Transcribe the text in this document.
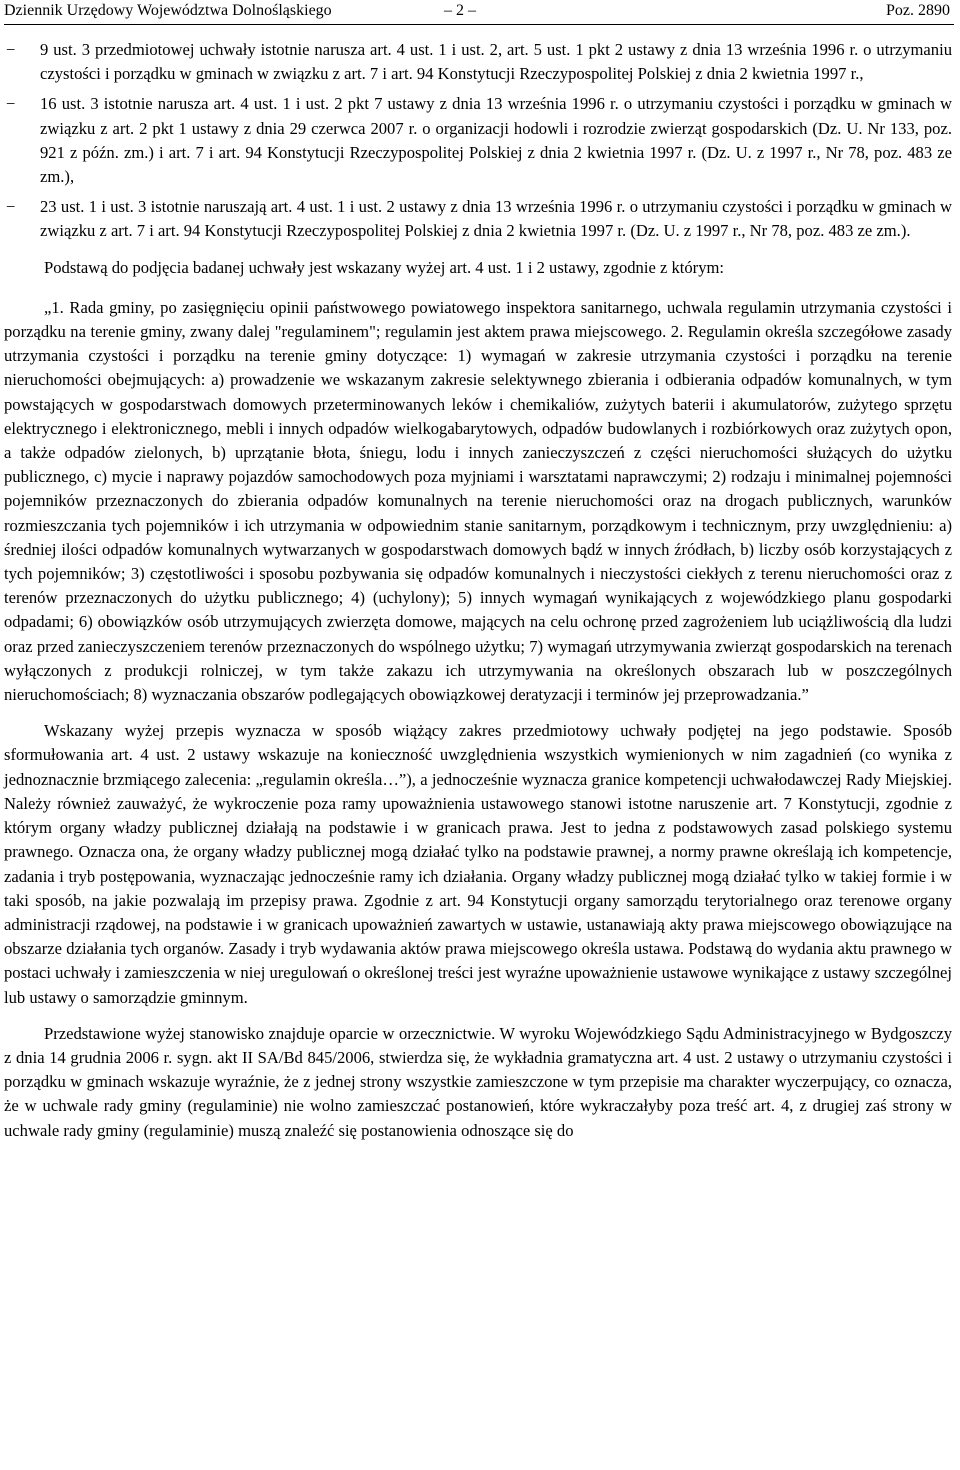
Dziennik Urzędowy Województwa Dolnośląskiego	– 2 –	Poz. 2890

− 9 ust. 3 przedmiotowej uchwały istotnie narusza art. 4 ust. 1 i ust. 2, art. 5 ust. 1 pkt 2 ustawy z dnia 13 września 1996 r. o utrzymaniu czystości i porządku w gminach w związku z art. 7 i art. 94 Konstytucji Rzeczypospolitej Polskiej z dnia 2 kwietnia 1997 r.,

− 16 ust. 3 istotnie narusza art. 4 ust. 1 i ust. 2 pkt 7 ustawy z dnia 13 września 1996 r. o utrzymaniu czystości i porządku w gminach w związku z art. 2 pkt 1 ustawy z dnia 29 czerwca 2007 r. o organizacji hodowli i rozrodzie zwierząt gospodarskich (Dz. U. Nr 133, poz. 921 z późn. zm.) i art. 7 i art. 94 Konstytucji Rzeczypospolitej Polskiej z dnia 2 kwietnia 1997 r. (Dz. U. z 1997 r., Nr 78, poz. 483 ze zm.),

− 23 ust. 1 i ust. 3 istotnie naruszają art. 4 ust. 1 i ust. 2 ustawy z dnia 13 września 1996 r. o utrzymaniu czystości i porządku w gminach w związku z art. 7 i art. 94 Konstytucji Rzeczypospolitej Polskiej z dnia 2 kwietnia 1997 r. (Dz. U. z 1997 r., Nr 78, poz. 483 ze zm.).

Podstawą do podjęcia badanej uchwały jest wskazany wyżej art. 4 ust. 1 i 2 ustawy, zgodnie z którym:

„1. Rada gminy, po zasięgnięciu opinii państwowego powiatowego inspektora sanitarnego, uchwala regulamin utrzymania czystości i porządku na terenie gminy, zwany dalej "regulaminem"; regulamin jest aktem prawa miejscowego. 2. Regulamin określa szczegółowe zasady utrzymania czystości i porządku na terenie gminy dotyczące: 1) wymagań w zakresie utrzymania czystości i porządku na terenie nieruchomości obejmujących: a) prowadzenie we wskazanym zakresie selektywnego zbierania i odbierania odpadów komunalnych, w tym powstających w gospodarstwach domowych przeterminowanych leków i chemikaliów, zużytych baterii i akumulatorów, zużytego sprzętu elektrycznego i elektronicznego, mebli i innych odpadów wielkogabarytowych, odpadów budowlanych i rozbiórkowych oraz zużytych opon, a także odpadów zielonych, b) uprzątanie błota, śniegu, lodu i innych zanieczyszczeń z części nieruchomości służących do użytku publicznego, c) mycie i naprawy pojazdów samochodowych poza myjniami i warsztatami naprawczymi; 2) rodzaju i minimalnej pojemności pojemników przeznaczonych do zbierania odpadów komunalnych na terenie nieruchomości oraz na drogach publicznych, warunków rozmieszczania tych pojemników i ich utrzymania w odpowiednim stanie sanitarnym, porządkowym i technicznym, przy uwzględnieniu: a) średniej ilości odpadów komunalnych wytwarzanych w gospodarstwach domowych bądź w innych źródłach, b) liczby osób korzystających z tych pojemników; 3) częstotliwości i sposobu pozbywania się odpadów komunalnych i nieczystości ciekłych z terenu nieruchomości oraz z terenów przeznaczonych do użytku publicznego; 4) (uchylony); 5) innych wymagań wynikających z wojewódzkiego planu gospodarki odpadami; 6) obowiązków osób utrzymujących zwierzęta domowe, mających na celu ochronę przed zagrożeniem lub uciążliwością dla ludzi oraz przed zanieczyszczeniem terenów przeznaczonych do wspólnego użytku; 7) wymagań utrzymywania zwierząt gospodarskich na terenach wyłączonych z produkcji rolniczej, w tym także zakazu ich utrzymywania na określonych obszarach lub w poszczególnych nieruchomościach; 8) wyznaczania obszarów podlegających obowiązkowej deratyzacji i terminów jej przeprowadzania.”

Wskazany wyżej przepis wyznacza w sposób wiążący zakres przedmiotowy uchwały podjętej na jego podstawie. Sposób sformułowania art. 4 ust. 2 ustawy wskazuje na konieczność uwzględnienia wszystkich wymienionych w nim zagadnień (co wynika z jednoznacznie brzmiącego zalecenia: „regulamin określa…”), a jednocześnie wyznacza granice kompetencji uchwałodawczej Rady Miejskiej. Należy również zauważyć, że wykroczenie poza ramy upoważnienia ustawowego stanowi istotne naruszenie art. 7 Konstytucji, zgodnie z którym organy władzy publicznej działają na podstawie i w granicach prawa. Jest to jedna z podstawowych zasad polskiego systemu prawnego. Oznacza ona, że organy władzy publicznej mogą działać tylko na podstawie prawnej, a normy prawne określają ich kompetencje, zadania i tryb postępowania, wyznaczając jednocześnie ramy ich działania. Organy władzy publicznej mogą działać tylko w takiej formie i w taki sposób, na jakie pozwalają im przepisy prawa. Zgodnie z art. 94 Konstytucji organy samorządu terytorialnego oraz terenowe organy administracji rządowej, na podstawie i w granicach upoważnień zawartych w ustawie, ustanawiają akty prawa miejscowego obowiązujące na obszarze działania tych organów. Zasady i tryb wydawania aktów prawa miejscowego określa ustawa. Podstawą do wydania aktu prawnego w postaci uchwały i zamieszczenia w niej uregulowań o określonej treści jest wyraźne upoważnienie ustawowe wynikające z ustawy szczególnej lub ustawy o samorządzie gminnym.

Przedstawione wyżej stanowisko znajduje oparcie w orzecznictwie. W wyroku Wojewódzkiego Sądu Administracyjnego w Bydgoszczy z dnia 14 grudnia 2006 r. sygn. akt II SA/Bd 845/2006, stwierdza się, że wykładnia gramatyczna art. 4 ust. 2 ustawy o utrzymaniu czystości i porządku w gminach wskazuje wyraźnie, że z jednej strony wszystkie zamieszczone w tym przepisie ma charakter wyczerpujący, co oznacza, że w uchwale rady gminy (regulaminie) nie wolno zamieszczać postanowień, które wykraczałyby poza treść art. 4, z drugiej zaś strony w uchwale rady gminy (regulaminie) muszą znaleźć się postanowienia odnoszące się do
